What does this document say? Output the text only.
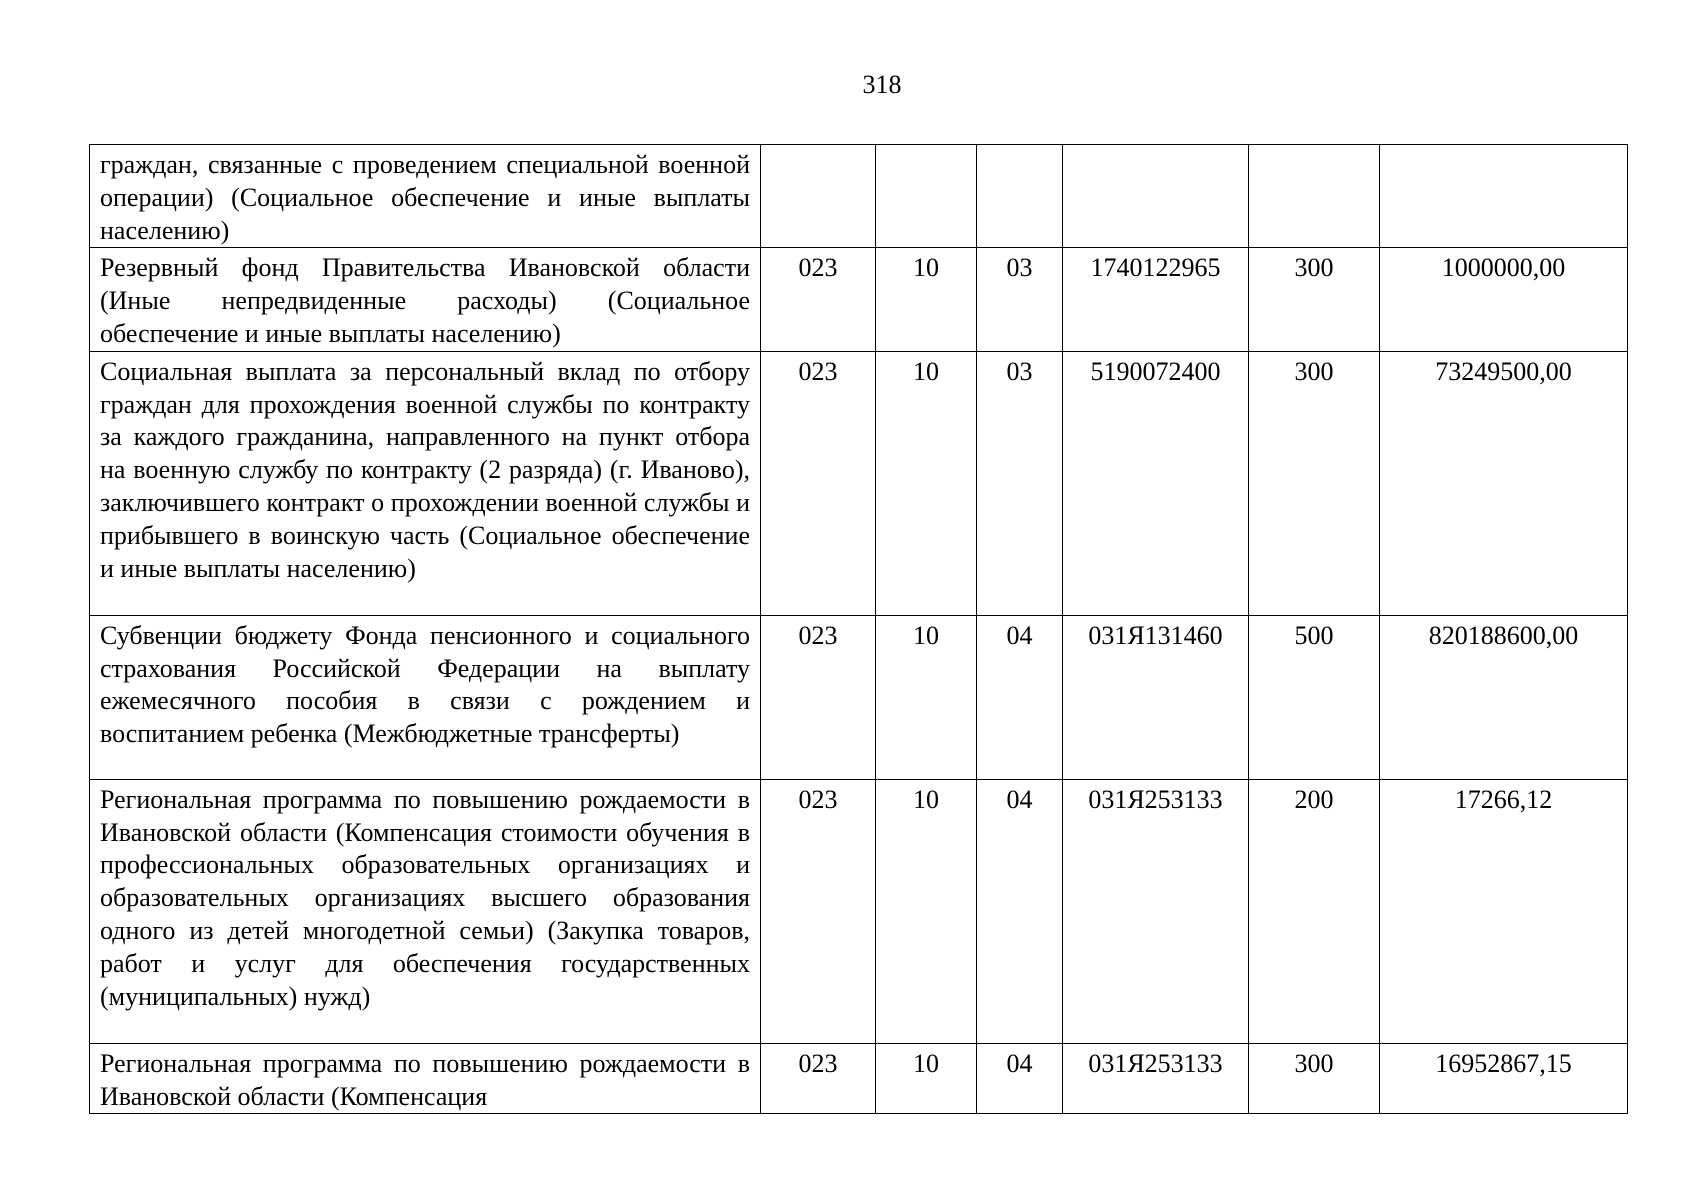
318
граждан, связанные с проведением специальной военной операции) (Социальное обеспечение и иные выплаты населению)						
Резервный фонд Правительства Ивановской области (Иные непредвиденные расходы) (Социальное обеспечение и иные выплаты населению)	023	10	03	1740122965	300	1000000,00
Социальная выплата за персональный вклад по отбору граждан для прохождения военной службы по контракту за каждого гражданина, направленного на пункт отбора на военную службу по контракту (2 разряда) (г. Иваново), заключившего контракт о прохождении военной службы и прибывшего в воинскую часть (Социальное обеспечение и иные выплаты населению)	023	10	03	5190072400	300	73249500,00
Субвенции бюджету Фонда пенсионного и социального страхования Российской Федерации на выплату ежемесячного пособия в связи с рождением и воспитанием ребенка (Межбюджетные трансферты)	023	10	04	031Я131460	500	820188600,00
Региональная программа по повышению рождаемости в Ивановской области (Компенсация стоимости обучения в профессиональных образовательных организациях и образовательных организациях высшего образования одного из детей многодетной семьи) (Закупка товаров, работ и услуг для обеспечения государственных (муниципальных) нужд)	023	10	04	031Я253133	200	17266,12
Региональная программа по повышению рождаемости в Ивановской области (Компенсация	023	10	04	031Я253133	300	16952867,15
